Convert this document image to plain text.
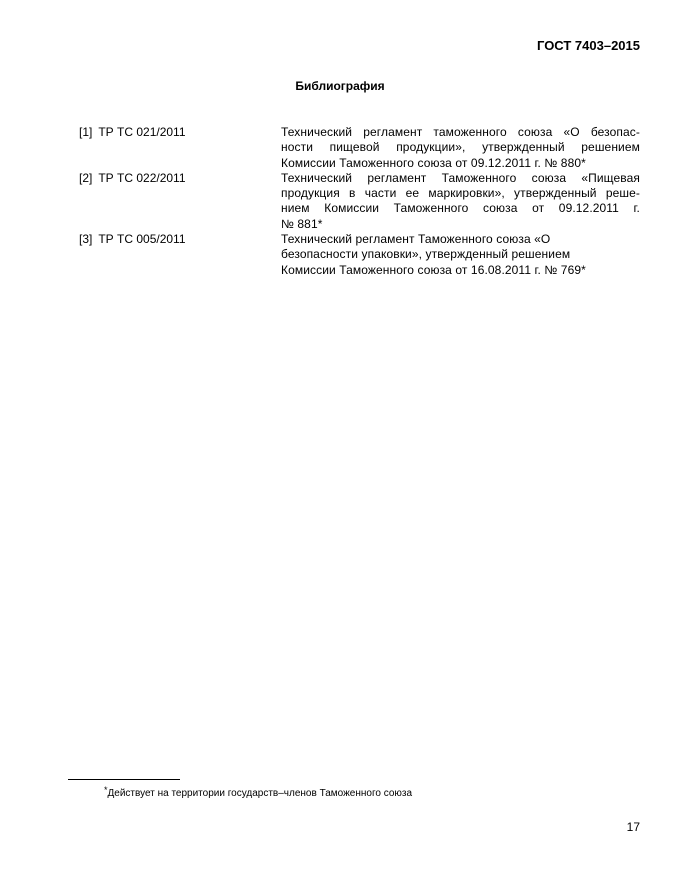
ГОСТ 7403–2015
Библиография
[1] ТР ТС 021/2011	Технический регламент таможенного союза «О безопас-
ности пищевой продукции», утвержденный решением
Комиссии Таможенного союза от 09.12.2011 г. № 880*
[2] ТР ТС 022/2011	Технический регламент Таможенного союза «Пищевая
продукция в части ее маркировки», утвержденный реше-
нием Комиссии Таможенного союза от 09.12.2011 г.
№ 881*
[3] ТР ТС 005/2011	Технический регламент Таможенного союза «О
безопасности упаковки», утвержденный решением
Комиссии Таможенного союза от 16.08.2011 г. № 769*
*Действует на территории государств–членов Таможенного союза
17
